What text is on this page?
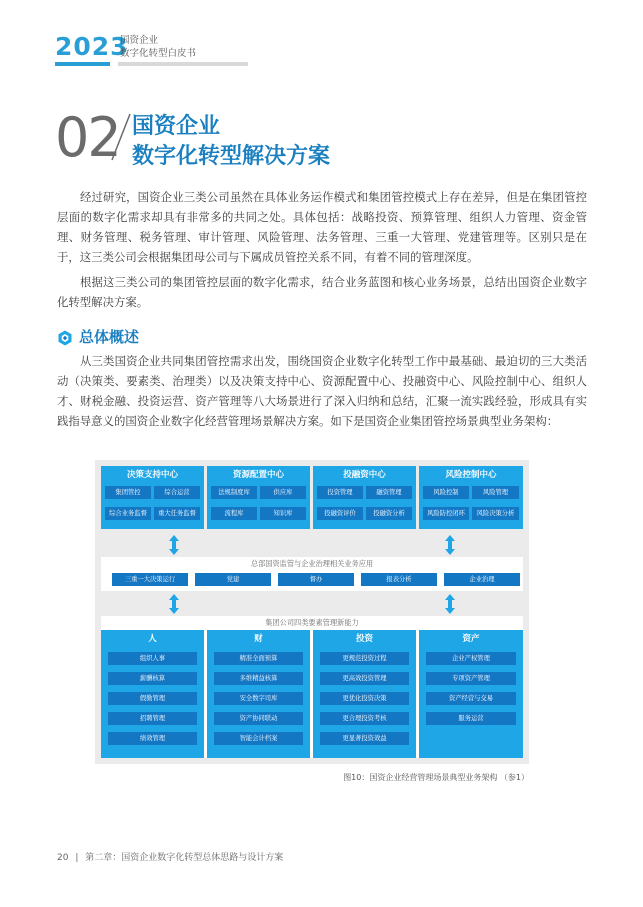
2023
国资企业
数字化转型白皮书
02 国资企业
数字化转型解决方案

经过研究，国资企业三类公司虽然在具体业务运作模式和集团管控模式上存在差异，但是在集团管控层面的数字化需求却具有非常多的共同之处。具体包括：战略投资、预算管理、组织人力管理、资金管理、财务管理、税务管理、审计管理、风险管理、法务管理、三重一大管理、党建管理等。区别只是在于，这三类公司会根据集团母公司与下属成员管控关系不同，有着不同的管理深度。

根据这三类公司的集团管控层面的数字化需求，结合业务蓝图和核心业务场景，总结出国资企业数字化转型解决方案。

总体概述

从三类国资企业共同集团管控需求出发，围绕国资企业数字化转型工作中最基础、最迫切的三大类活动（决策类、要素类、治理类）以及决策支持中心、资源配置中心、投融资中心、风险控制中心、组织人才、财税金融、投资运营、资产管理等八大场景进行了深入归纳和总结，汇聚一流实践经验，形成具有实践指导意义的国资企业数字化经营管理场景解决方案。如下是国资企业集团管控场景典型业务架构：

决策支持中心
集团管控	综合运营
综合业务监督	重大任务监督
资源配置中心
法规制度库	供应库
流程库	知识库
投融资中心
投资管理	融资管理
投融资评价	投融资分析
风险控制中心
风险控制	风险管理
风险防控闭环	风险决策分析
总部国资监管与企业治理相关业务应用
三重一大决策运行	党建	督办	报表分析	企业治理
集团公司四类要素管理新能力
人
组织人事
薪酬核算
假勤管理
招聘管理
绩效管理
财
精准全面预算
多维精益核算
安全数字司库
资产协同联动
智能会计档案
投资
更规范投资过程
更高效投资管理
更优化投资决策
更合理投资考核
更显著投资效益
资产
企业产权管理
专项资产管理
资产经营与交易
服务运营
图10：国资企业经营管理场景典型业务架构 （参1）
20 | 第二章：国资企业数字化转型总体思路与设计方案
